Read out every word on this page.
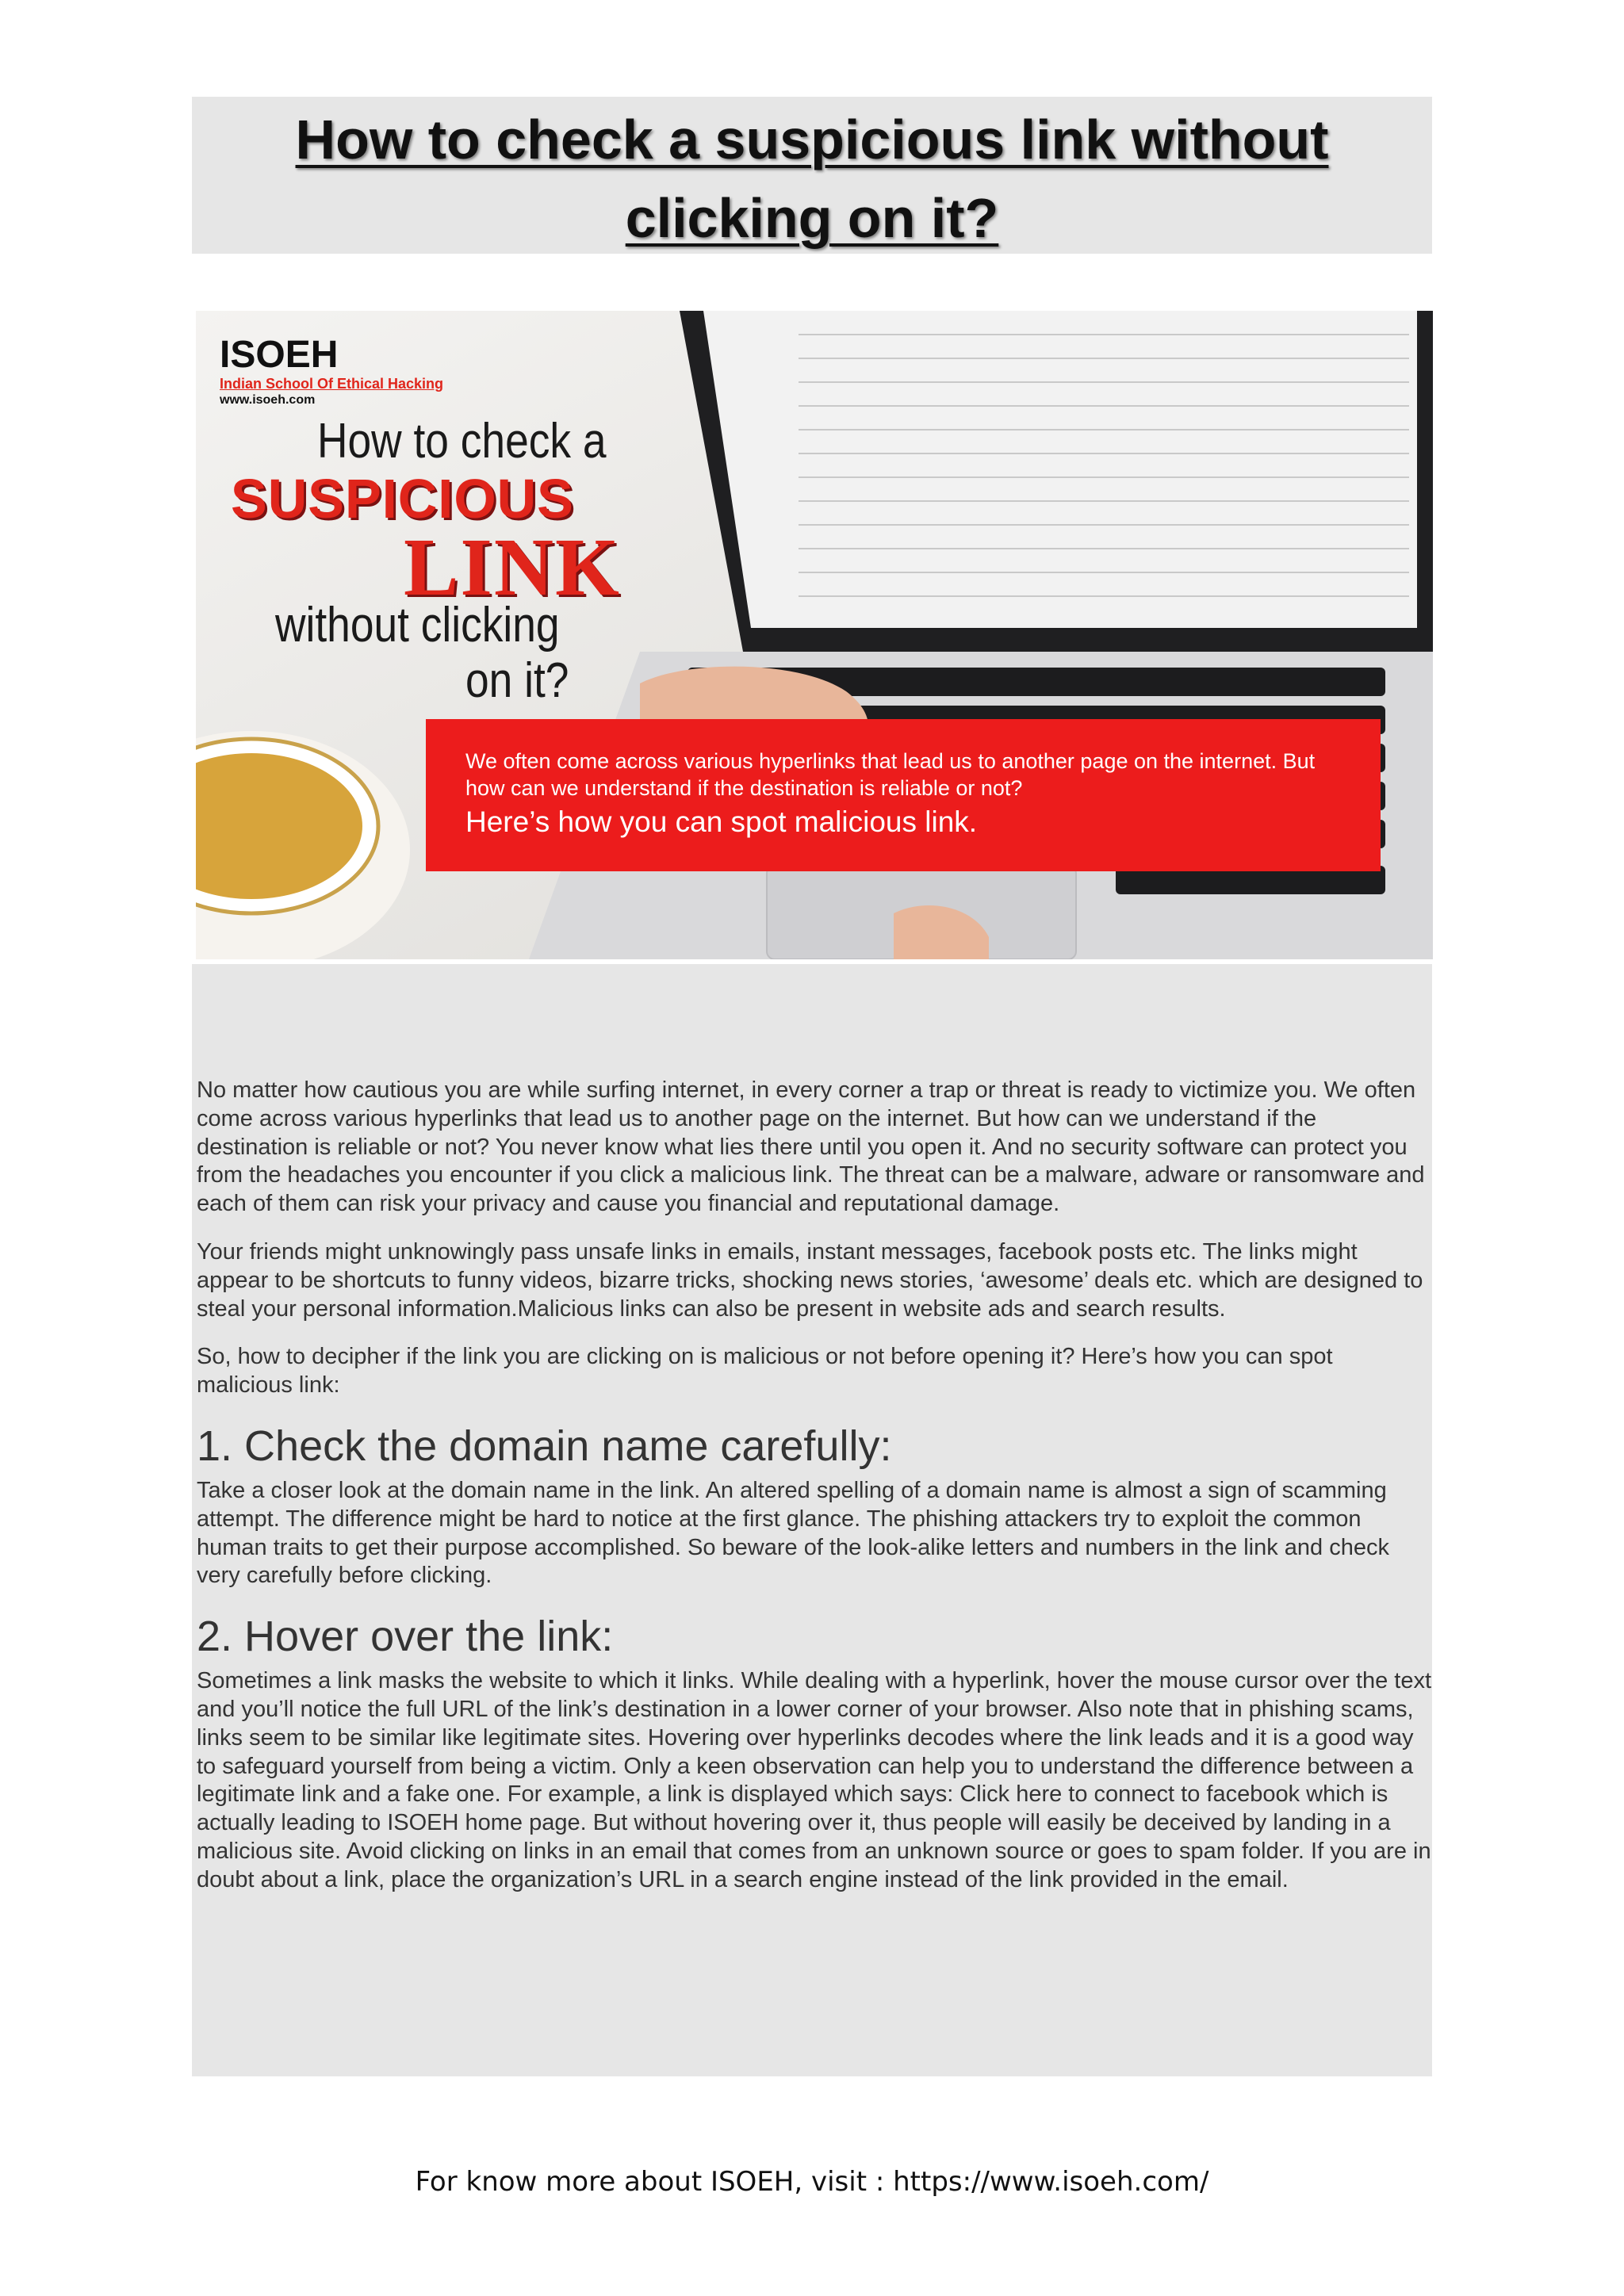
How to check a suspicious link without
clicking on it?
ISOEH
Indian School Of Ethical Hacking
www.isoeh.com
How to check a
SUSPICIOUS
LINK
without clicking
on it?
We often come across various hyperlinks that lead us to another page on the internet. But how can we understand if the destination is reliable or not?
Here’s how you can spot malicious link.

No matter how cautious you are while surfing internet, in every corner a trap or threat is ready to victimize you. We often come across various hyperlinks that lead us to another page on the internet. But how can we understand if the destination is reliable or not? You never know what lies there until you open it. And no security software can protect you from the headaches you encounter if you click a malicious link. The threat can be a malware, adware or ransomware and each of them can risk your privacy and cause you financial and reputational damage.

Your friends might unknowingly pass unsafe links in emails, instant messages, facebook posts etc. The links might appear to be shortcuts to funny videos, bizarre tricks, shocking news stories, ‘awesome’ deals etc. which are designed to steal your personal information.Malicious links can also be present in website ads and search results.

So, how to decipher if the link you are clicking on is malicious or not before opening it? Here’s how you can spot malicious link:

1. Check the domain name carefully:

Take a closer look at the domain name in the link. An altered spelling of a domain name is almost a sign of scamming attempt. The difference might be hard to notice at the first glance. The phishing attackers try to exploit the common human traits to get their purpose accomplished. So beware of the look-alike letters and numbers in the link and check very carefully before clicking.

2. Hover over the link:

Sometimes a link masks the website to which it links. While dealing with a hyperlink, hover the mouse cursor over the text and you’ll notice the full URL of the link’s destination in a lower corner of your browser. Also note that in phishing scams, links seem to be similar like legitimate sites. Hovering over hyperlinks decodes where the link leads and it is a good way to safeguard yourself from being a victim. Only a keen observation can help you to understand the difference between a legitimate link and a fake one. For example, a link is displayed which says: Click here to connect to facebook which is actually leading to ISOEH home page. But without hovering over it, thus people will easily be deceived by landing in a malicious site. Avoid clicking on links in an email that comes from an unknown source or goes to spam folder. If you are in doubt about a link, place the organization’s URL in a search engine instead of the link provided in the email.

For know more about ISOEH, visit : https://www.isoeh.com/
